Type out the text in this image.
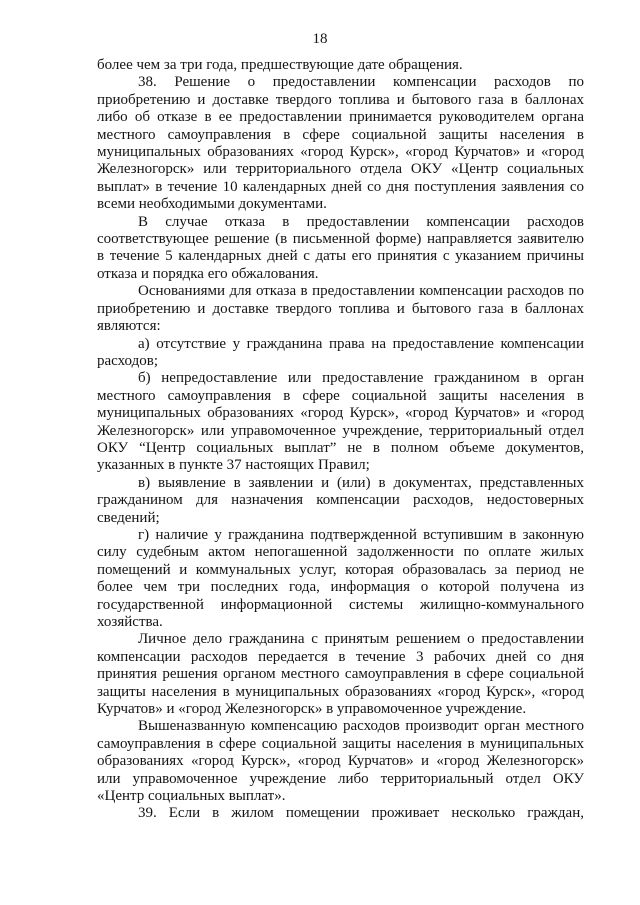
18
более чем за три года, предшествующие дате обращения.
38. Решение о предоставлении компенсации расходов по
приобретению и доставке твердого топлива и бытового газа в баллонах
либо об отказе в ее предоставлении принимается руководителем органа
местного самоуправления в сфере социальной защиты населения в
муниципальных образованиях «город Курск», «город Курчатов» и «город
Железногорск» или территориального отдела ОКУ «Центр социальных
выплат» в течение 10 календарных дней со дня поступления заявления со
всеми необходимыми документами.
В случае отказа в предоставлении компенсации расходов
соответствующее решение (в письменной форме) направляется заявителю
в течение 5 календарных дней с даты его принятия с указанием причины
отказа и порядка его обжалования.
Основаниями для отказа в предоставлении компенсации расходов по
приобретению и доставке твердого топлива и бытового газа в баллонах
являются:
а) отсутствие у гражданина права на предоставление компенсации
расходов;
б) непредоставление или предоставление гражданином в орган
местного самоуправления в сфере социальной защиты населения в
муниципальных образованиях «город Курск», «город Курчатов» и «город
Железногорск» или управомоченное учреждение, территориальный отдел
ОКУ “Центр социальных выплат” не в полном объеме документов,
указанных в пункте 37 настоящих Правил;
в) выявление в заявлении и (или) в документах, представленных
гражданином для назначения компенсации расходов, недостоверных
сведений;
г) наличие у гражданина подтвержденной вступившим в законную
силу судебным актом непогашенной задолженности по оплате жилых
помещений и коммунальных услуг, которая образовалась за период не
более чем три последних года, информация о которой получена из
государственной информационной системы жилищно-коммунального
хозяйства.
Личное дело гражданина с принятым решением о предоставлении
компенсации расходов передается в течение 3 рабочих дней со дня
принятия решения органом местного самоуправления в сфере социальной
защиты населения в муниципальных образованиях «город Курск», «город
Курчатов» и «город Железногорск» в управомоченное учреждение.
Вышеназванную компенсацию расходов производит орган местного
самоуправления в сфере социальной защиты населения в муниципальных
образованиях «город Курск», «город Курчатов» и «город Железногорск»
или управомоченное учреждение либо территориальный отдел ОКУ
«Центр социальных выплат».
39. Если в жилом помещении проживает несколько граждан,
